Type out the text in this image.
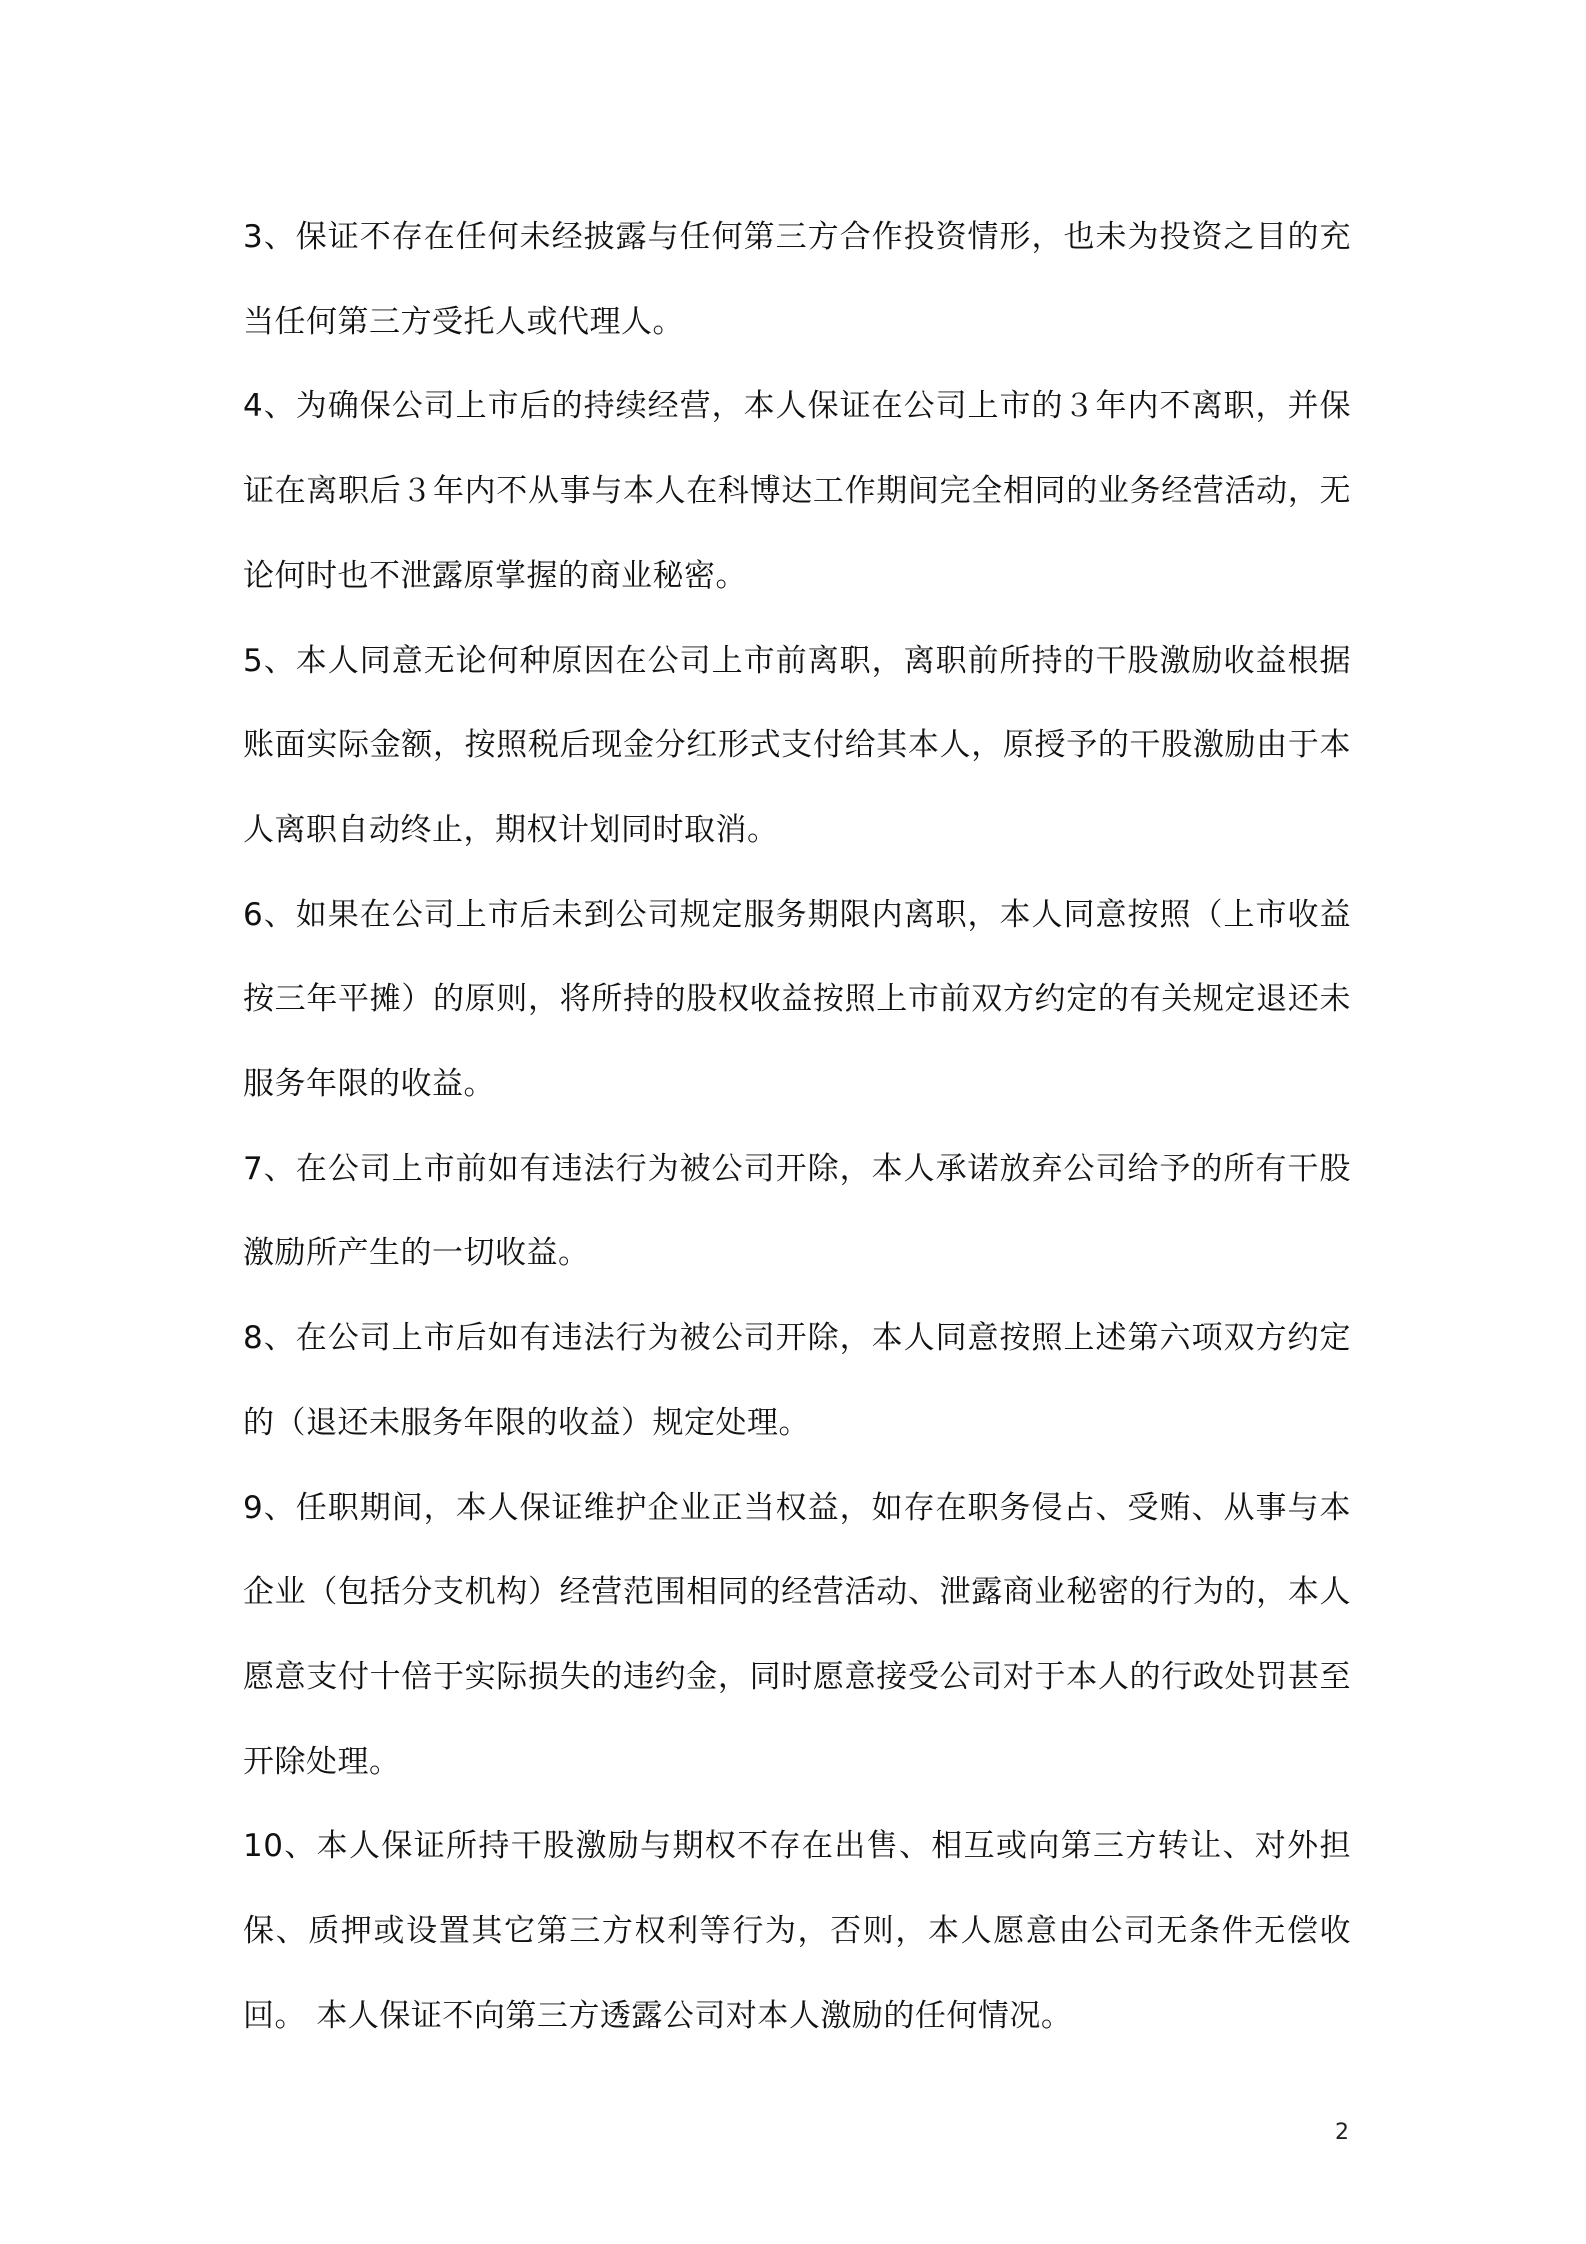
3、保证不存在任何未经披露与任何第三方合作投资情形，也未为投资之目的充当任何第三方受托人或代理人。

4、为确保公司上市后的持续经营，本人保证在公司上市的３年内不离职，并保证在离职后３年内不从事与本人在科博达工作期间完全相同的业务经营活动，无论何时也不泄露原掌握的商业秘密。

5、本人同意无论何种原因在公司上市前离职，离职前所持的干股激励收益根据账面实际金额，按照税后现金分红形式支付给其本人，原授予的干股激励由于本人离职自动终止，期权计划同时取消。

6、如果在公司上市后未到公司规定服务期限内离职，本人同意按照（上市收益按三年平摊）的原则，将所持的股权收益按照上市前双方约定的有关规定退还未服务年限的收益。

7、在公司上市前如有违法行为被公司开除，本人承诺放弃公司给予的所有干股激励所产生的一切收益。

8、在公司上市后如有违法行为被公司开除，本人同意按照上述第六项双方约定的（退还未服务年限的收益）规定处理。

9、任职期间，本人保证维护企业正当权益，如存在职务侵占、受贿、从事与本企业（包括分支机构）经营范围相同的经营活动、泄露商业秘密的行为的，本人愿意支付十倍于实际损失的违约金，同时愿意接受公司对于本人的行政处罚甚至开除处理。

10、本人保证所持干股激励与期权不存在出售、相互或向第三方转让、对外担保、质押或设置其它第三方权利等行为，否则，本人愿意由公司无条件无偿收回。 本人保证不向第三方透露公司对本人激励的任何情况。

2
